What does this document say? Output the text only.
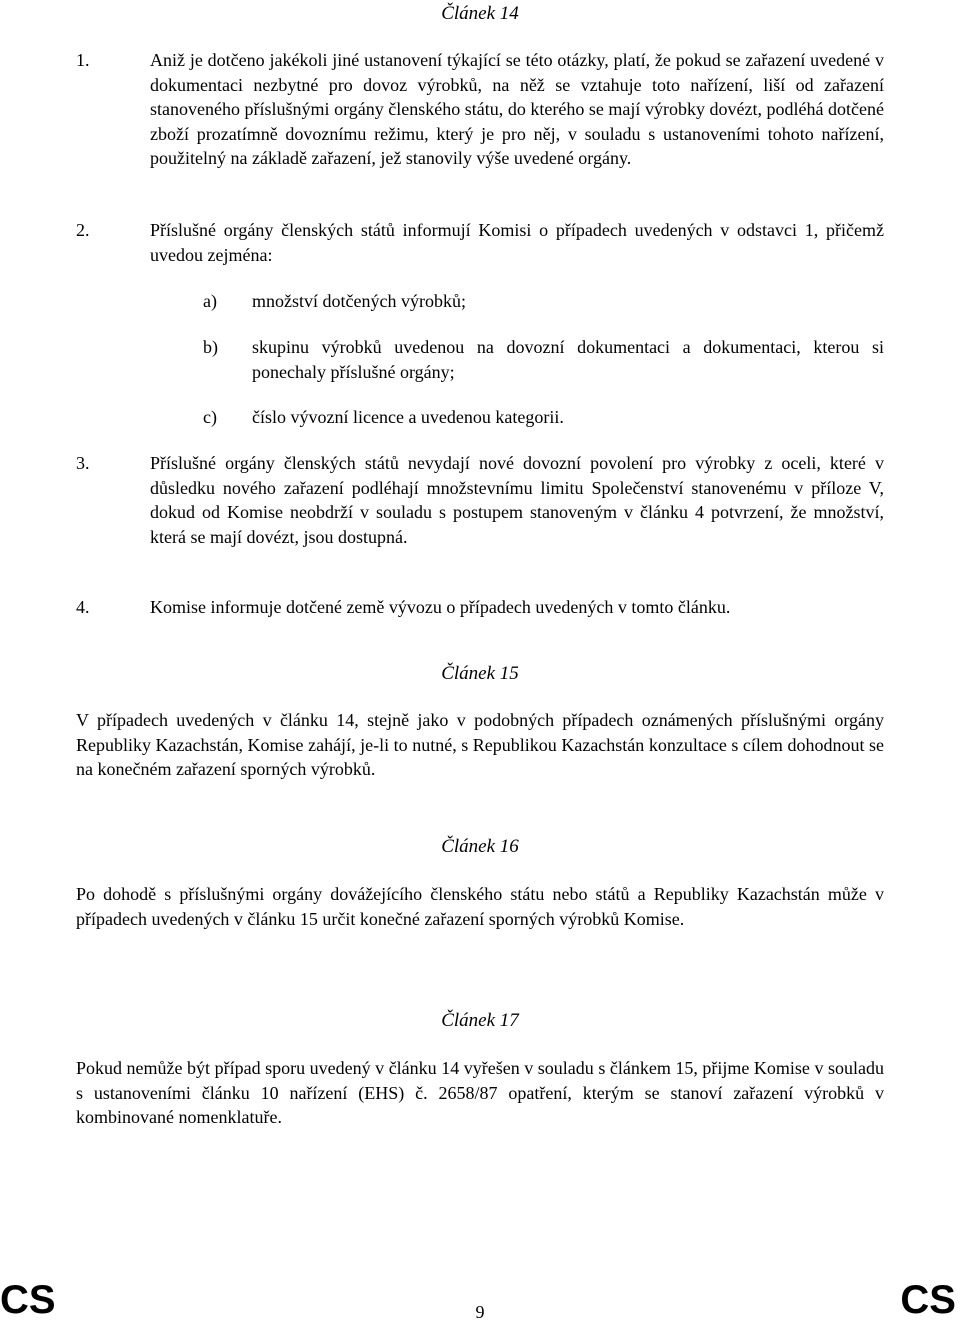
Článek 14
1.	Aniž je dotčeno jakékoli jiné ustanovení týkající se této otázky, platí, že pokud se zařazení uvedené v dokumentaci nezbytné pro dovoz výrobků, na něž se vztahuje toto nařízení, liší od zařazení stanoveného příslušnými orgány členského státu, do kterého se mají výrobky dovézt, podléhá dotčené zboží prozatímně dovoznímu režimu, který je pro něj, v souladu s ustanoveními tohoto nařízení, použitelný na základě zařazení, jež stanovily výše uvedené orgány.
2.	Příslušné orgány členských států informují Komisi o případech uvedených v odstavci 1, přičemž uvedou zejména:
a) množství dotčených výrobků;
b) skupinu výrobků uvedenou na dovozní dokumentaci a dokumentaci, kterou si ponechaly příslušné orgány;
c) číslo vývozní licence a uvedenou kategorii.
3.	Příslušné orgány členských států nevydají nové dovozní povolení pro výrobky z oceli, které v důsledku nového zařazení podléhají množstevnímu limitu Společenství stanovenému v příloze V, dokud od Komise neobdrží v souladu s postupem stanoveným v článku 4 potvrzení, že množství, která se mají dovézt, jsou dostupná.
4.	Komise informuje dotčené země vývozu o případech uvedených v tomto článku.
Článek 15
V případech uvedených v článku 14, stejně jako v podobných případech oznámených příslušnými orgány Republiky Kazachstán, Komise zahájí, je-li to nutné, s Republikou Kazachstán konzultace s cílem dohodnout se na konečném zařazení sporných výrobků.
Článek 16
Po dohodě s příslušnými orgány dovážejícího členského státu nebo států a Republiky Kazachstán může v případech uvedených v článku 15 určit konečné zařazení sporných výrobků Komise.
Článek 17
Pokud nemůže být případ sporu uvedený v článku 14 vyřešen v souladu s článkem 15, přijme Komise v souladu s ustanoveními článku 10 nařízení (EHS) č. 2658/87 opatření, kterým se stanoví zařazení výrobků v kombinované nomenklatuře.
CS	9	CS
